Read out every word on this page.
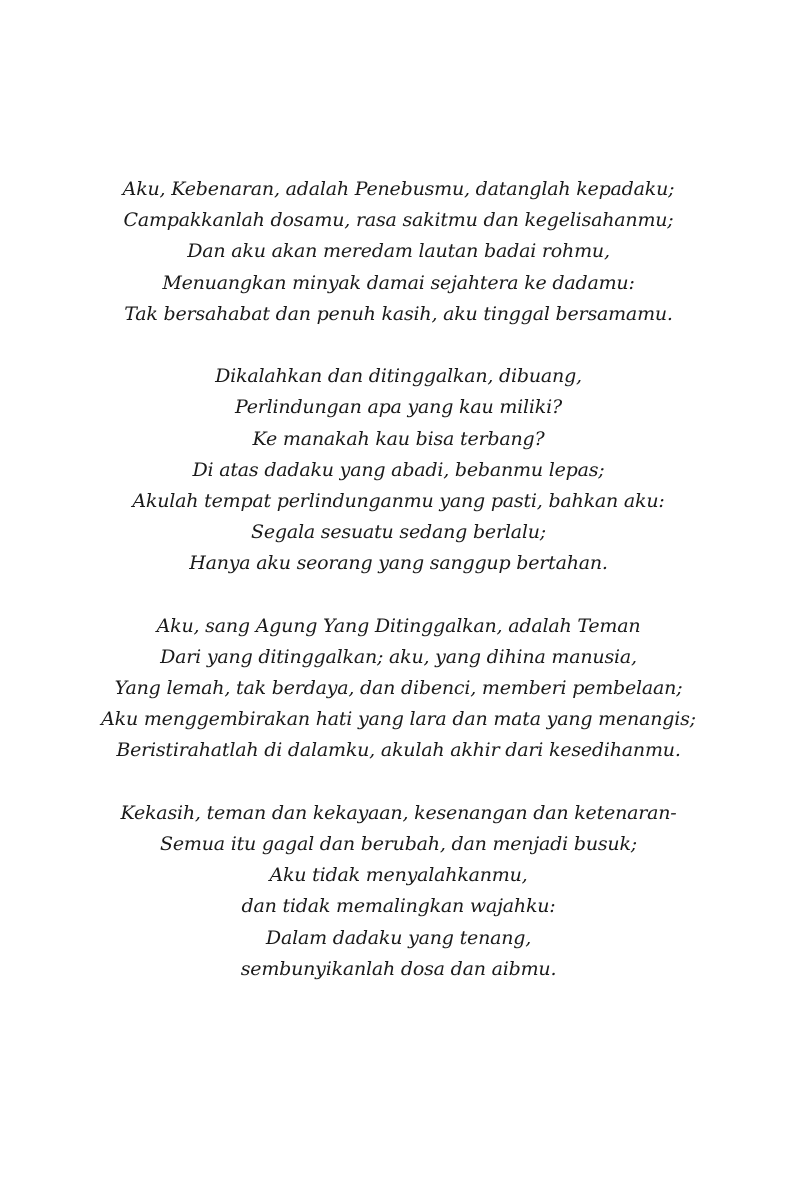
Aku, Kebenaran, adalah Penebusmu, datanglah kepadaku;
Campakkanlah dosamu, rasa sakitmu dan kegelisahanmu;
Dan aku akan meredam lautan badai rohmu,
Menuangkan minyak damai sejahtera ke dadamu:
Tak bersahabat dan penuh kasih, aku tinggal bersamamu.
Dikalahkan dan ditinggalkan, dibuang,
Perlindungan apa yang kau miliki?
Ke manakah kau bisa terbang?
Di atas dadaku yang abadi, bebanmu lepas;
Akulah tempat perlindunganmu yang pasti, bahkan aku:
Segala sesuatu sedang berlalu;
Hanya aku seorang yang sanggup bertahan.
Aku, sang Agung Yang Ditinggalkan, adalah Teman
Dari yang ditinggalkan; aku, yang dihina manusia,
Yang lemah, tak berdaya, dan dibenci, memberi pembelaan;
Aku menggembirakan hati yang lara dan mata yang menangis;
Beristirahatlah di dalamku, akulah akhir dari kesedihanmu.
Kekasih, teman dan kekayaan, kesenangan dan ketenaran-
Semua itu gagal dan berubah, dan menjadi busuk;
Aku tidak menyalahkanmu,
dan tidak memalingkan wajahku:
Dalam dadaku yang tenang,
sembunyikanlah dosa dan aibmu.
